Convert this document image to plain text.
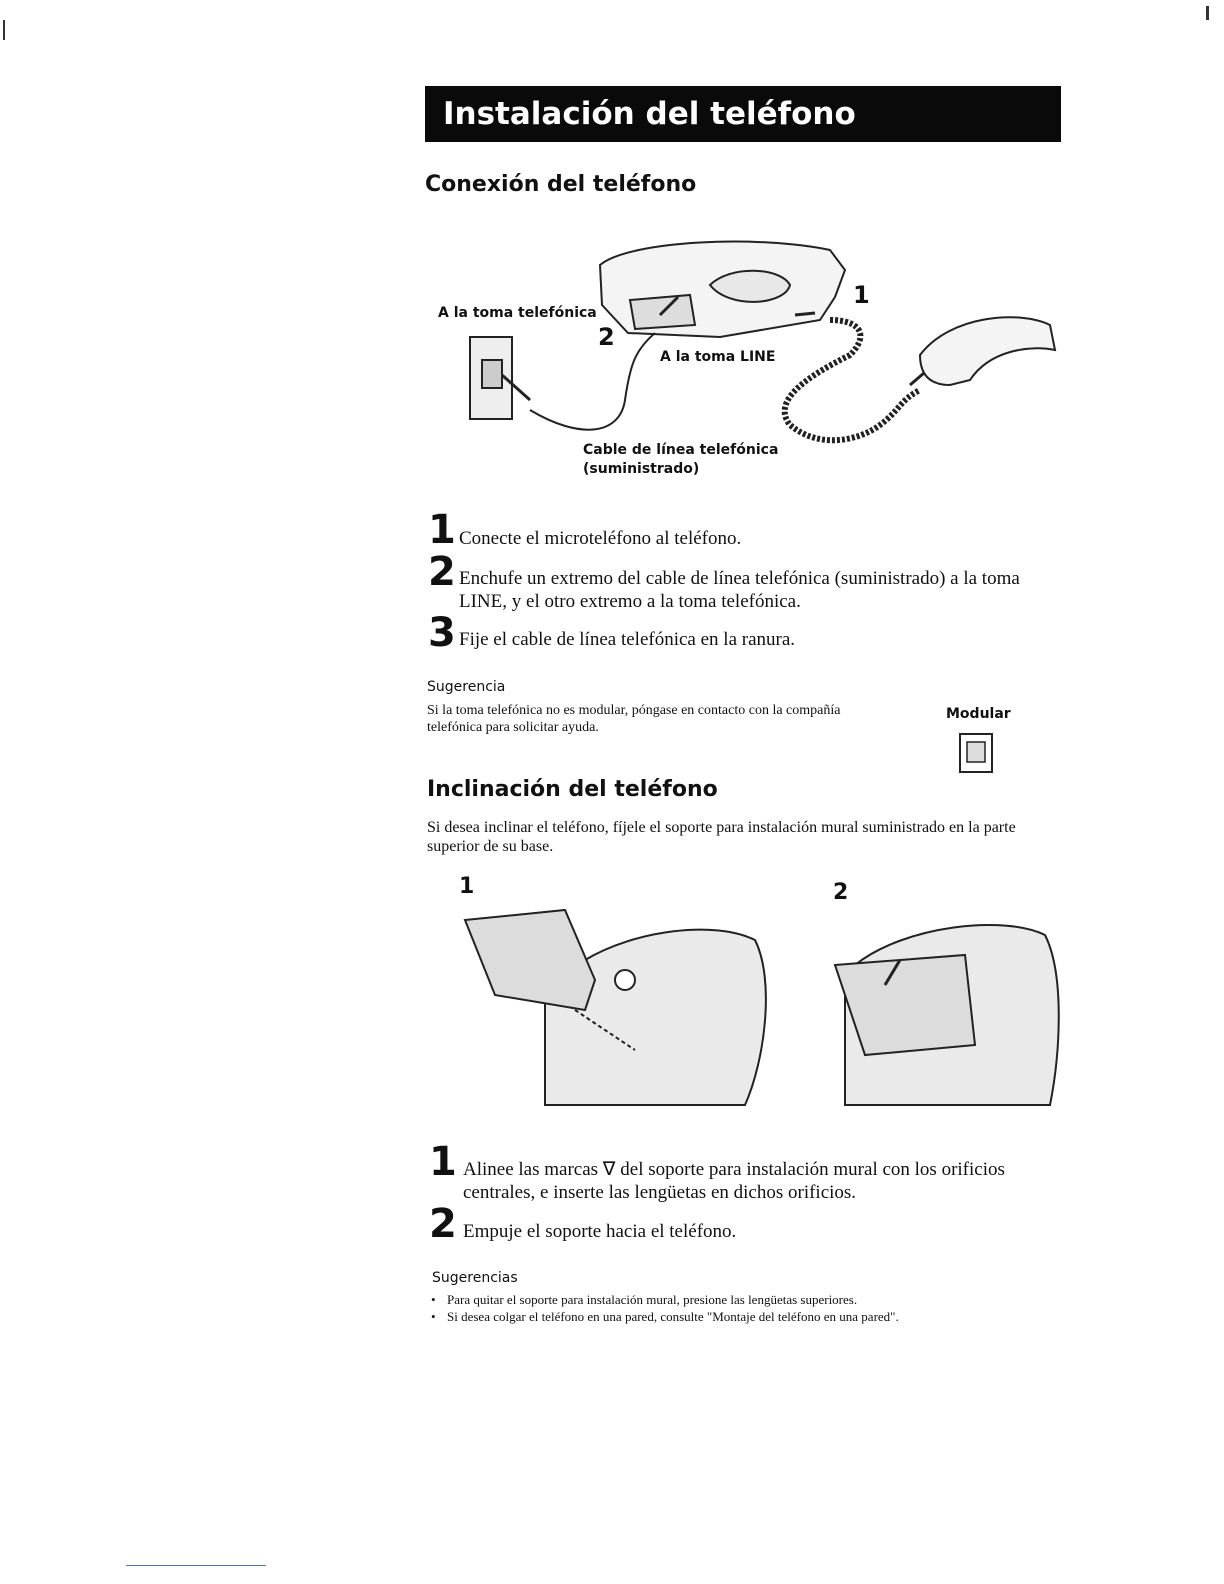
Instalación del teléfono
Conexión del teléfono
1
2
A la toma telefónica
A la toma LINE
Cable de línea telefónica
(suministrado)
1 Conecte el microteléfono al teléfono.
2 Enchufe un extremo del cable de línea telefónica (suministrado) a la toma LINE, y el otro extremo a la toma telefónica.
3 Fije el cable de línea telefónica en la ranura.
Sugerencia
Si la toma telefónica no es modular, póngase en contacto con la compañía telefónica para solicitar ayuda.
Modular
Inclinación del teléfono
Si desea inclinar el teléfono, fíjele el soporte para instalación mural suministrado en la parte superior de su base.
1	2
1 Alinee las marcas ∇ del soporte para instalación mural con los orificios centrales, e inserte las lengüetas en dichos orificios.
2 Empuje el soporte hacia el teléfono.
Sugerencias
• Para quitar el soporte para instalación mural, presione las lengüetas superiores.
• Si desea colgar el teléfono en una pared, consulte "Montaje del teléfono en una pared".
